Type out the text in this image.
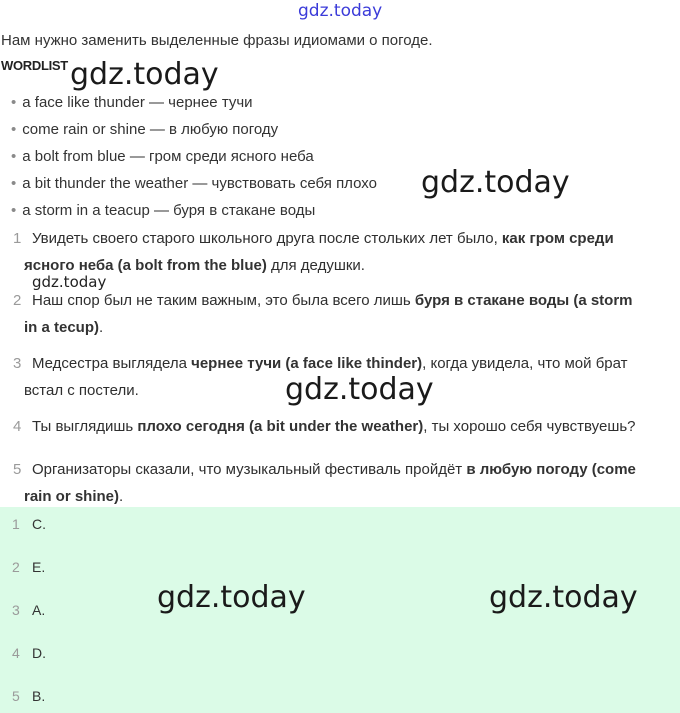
gdz.today
gdz.today
gdz.today
gdz.today
gdz.today
gdz.today	gdz.today
Нам нужно заменить выделенные фразы идиомами о погоде.
WORDLIST
• a face like thunder — чернее тучи
• come rain or shine — в любую погоду
• a bolt from blue — гром среди ясного неба
• a bit thunder the weather — чувствовать себя плохо
• a storm in a teacup — буря в стакане воды
1 Увидеть своего старого школьного друга после стольких лет было, как гром среди
ясного неба (a bolt from the blue) для дедушки.
2 Наш спор был не таким важным, это была всего лишь буря в стакане воды (a storm
in a tecup).
3 Медсестра выглядела чернее тучи (a face like thinder), когда увидела, что мой брат
встал с постели.
4 Ты выглядишь плохо сегодня (a bit under the weather), ты хорошо себя чувствуешь?
5 Организаторы сказали, что музыкальный фестиваль пройдёт в любую погоду (come
rain or shine).
1 C.
2 E.
3 A.
4 D.
5 B.
